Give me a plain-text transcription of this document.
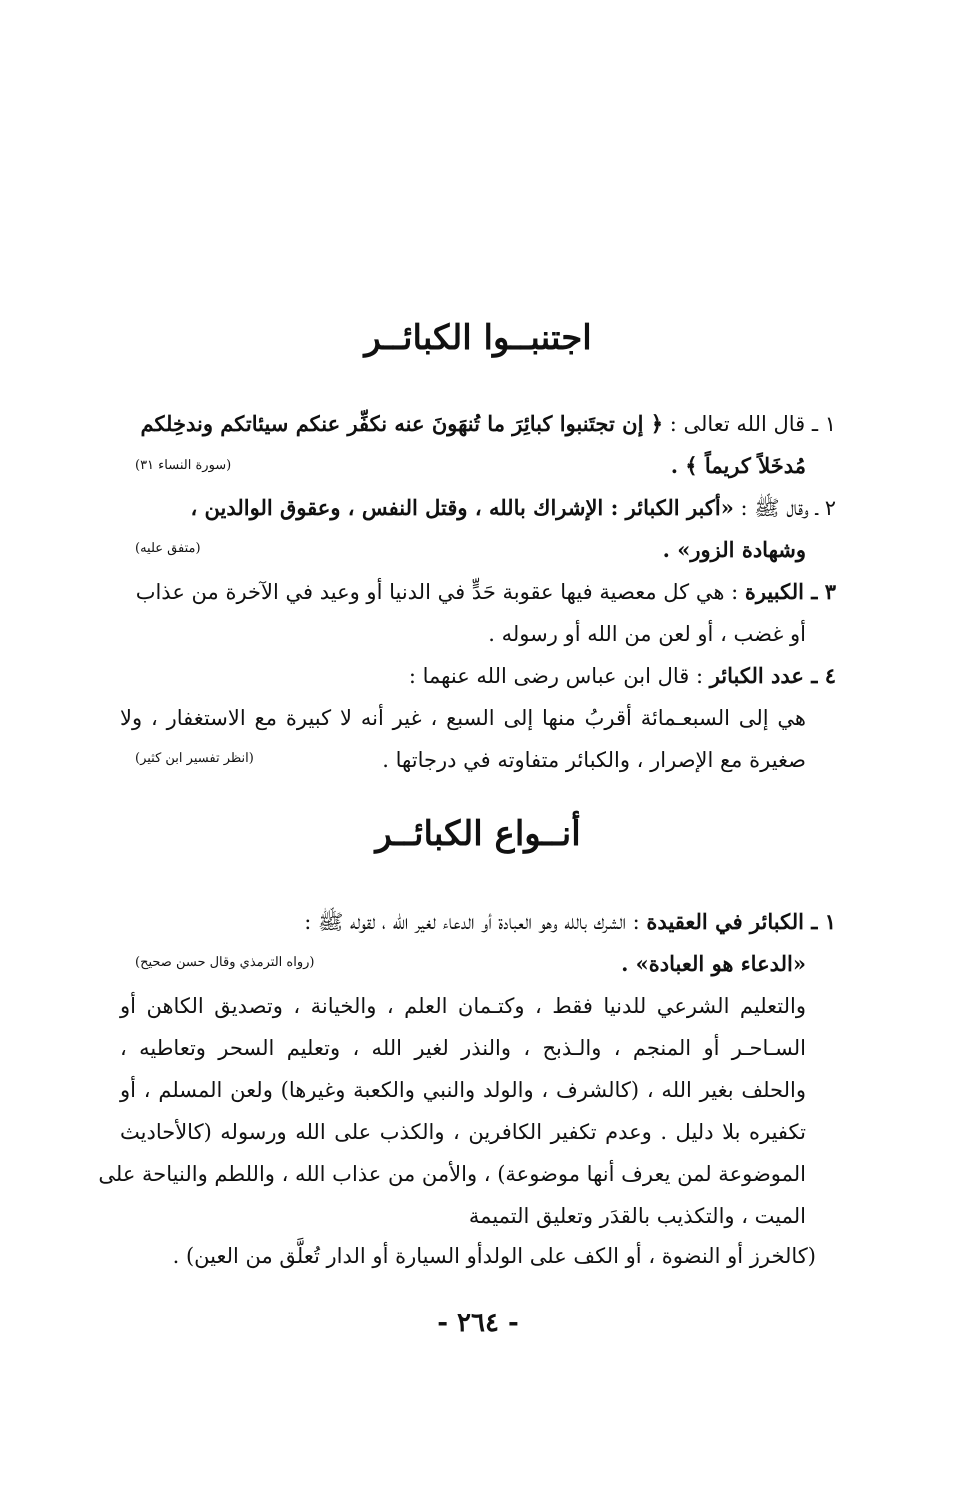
اجتنبــوا الكبائــر
١ ـ قال الله تعالى : ﴿ إن تجتَنبوا كبائِرَ ما تُنهَونَ عنه نكفِّر عنكم سيئاتكم وندخِلكم
مُدخَلاً كريماً ﴾ .
(سورة النساء ٣١)
٢ ـ وقال ﷺ : «أكبر الكبائر : الإشراك بالله ، وقتل النفس ، وعقوق الوالدين ،
وشهادة الزور» .
(متفق عليه)
٣ ـ الكبيرة : هي كل معصية فيها عقوبة حَدٍّ في الدنيا أو وعيد في الآخرة من عذاب
أو غضب ، أو لعن من الله أو رسوله .
٤ ـ عدد الكبائر : قال ابن عباس رضى الله عنهما :
هي إلى السبعـمائة أقربُ منها إلى السبع ، غير أنه لا كبيرة مع الاستغفار ، ولا
صغيرة مع الإصرار ، والكبائر متفاوته في درجاتها .
(انظر تفسير ابن كثير)
أنــواع الكبائــر
١ ـ الكبائر في العقيدة : الشرك بالله وهو العبادة أو الدعاء لغير الله ، لقوله ﷺ :
«الدعاء هو العبادة» .
(رواه الترمذي وقال حسن صحيح)
والتعليم الشرعي للدنيا فقط ، وكتـمان العلم ، والخيانة ، وتصديق الكاهن أو
السـاحـر أو المنجم ، والـذبح ، والنذر لغير الله ، وتعليم السحر وتعاطيه ،
والحلف بغير الله ، (كالشرف ، والولد والنبي والكعبة وغيرها) ولعن المسلم ، أو
تكفيره بلا دليل . وعدم تكفير الكافرين ، والكذب على الله ورسوله (كالأحاديث
الموضوعة لمن يعرف أنها موضوعة) ، والأمن من عذاب الله ، واللطم والنياحة على
الميت ، والتكذيب بالقدَر وتعليق التميمة
(كالخرز أو النضوة ، أو الكف على الولدأو السيارة أو الدار تُعلَّق من العين) .
- ٢٦٤ -
